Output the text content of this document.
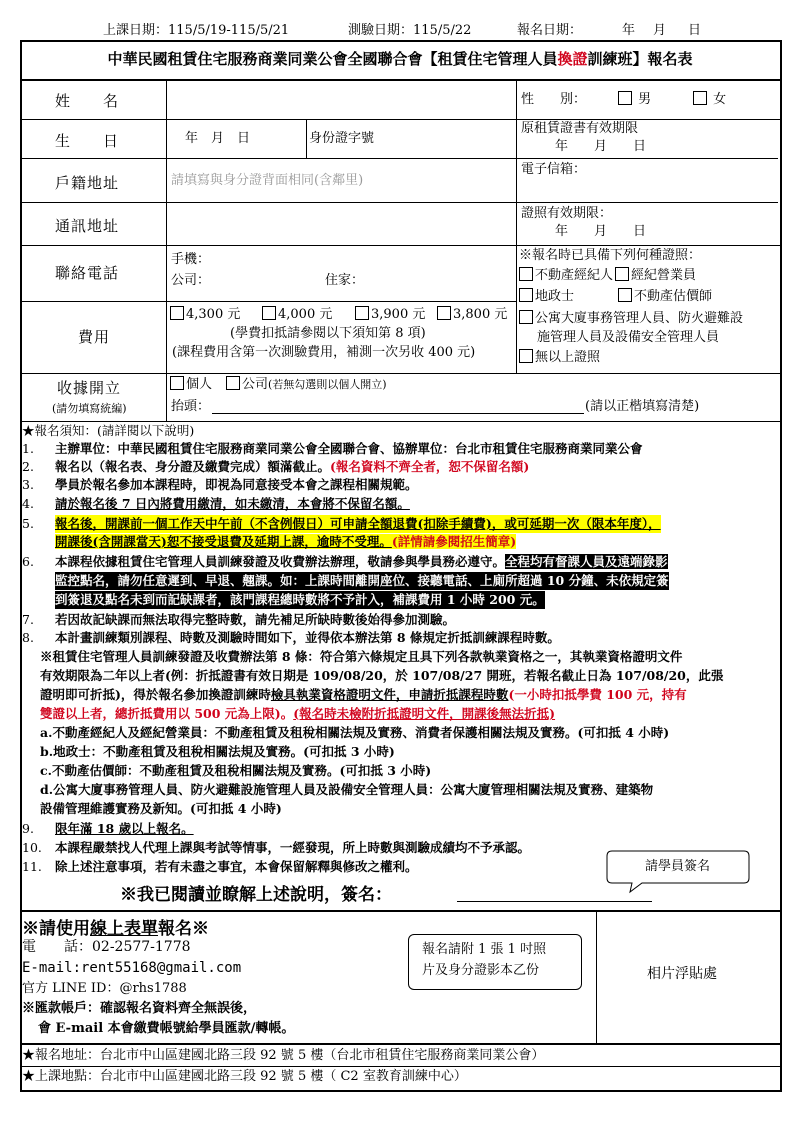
上課日期：115/5/19-115/5/21	測驗日期：115/5/22	報名日期：	年 月 日
中華民國租賃住宅服務商業同業公會全國聯合會【租賃住宅管理人員換證訓練班】報名表
姓　　名	性　　別：	男	女
生　　日	年　月　日	身份證字號
原租賃證書有效期限
年　　月　　日
戶籍地址	請填寫與身分證背面相同(含鄰里)
電子信箱：
通訊地址
證照有效期限：
年　　月　　日
聯絡電話
手機：
公司：	住家：
※報名時已具備下列何種證照：
不動產經紀人 經紀營業員
地政士	不動產估價師
公寓大廈事務管理人員、防火避難設
施管理人員及設備安全管理人員
無以上證照
費用
4,300 元	4,000 元	3,900 元	3,800 元
(學費扣抵請參閱以下須知第 8 項)
(課程費用含第一次測驗費用，補測一次另收 400 元)
收據開立
(請勿填寫統編)
個人	公司(若無勾選則以個人開立)
抬頭：	(請以正楷填寫清楚)
★報名須知：(請詳閱以下說明)
1. 主辦單位：中華民國租賃住宅服務商業同業公會全國聯合會、協辦單位：台北市租賃住宅服務商業同業公會
2. 報名以（報名表、身分證及繳費完成）額滿截止。(報名資料不齊全者，恕不保留名額)
3. 學員於報名參加本課程時，即視為同意接受本會之課程相關規範。
4. 請於報名後 7 日內將費用繳清，如未繳清，本會將不保留名額。
5. 報名後，開課前一個工作天中午前（不含例假日）可申請全額退費(扣除手續費)，或可延期一次（限本年度），
開課後(含開課當天)恕不接受退費及延期上課，逾時不受理。(詳情請參閱招生簡章)
6. 本課程依據租賃住宅管理人員訓練發證及收費辦法辦理，敬請參與學員務必遵守。全程均有督課人員及遠端錄影
監控點名，請勿任意遲到、早退、翹課。如：上課時間離開座位、接聽電話、上廁所超過 10 分鐘、未依規定簽
到簽退及點名未到而記缺課者，該門課程總時數將不予計入，補課費用 1 小時 200 元。
7. 若因故記缺課而無法取得完整時數，請先補足所缺時數後始得參加測驗。
8. 本計畫訓練類別課程、時數及測驗時間如下，並得依本辦法第 8 條規定折抵訓練課程時數。
※租賃住宅管理人員訓練發證及收費辦法第 8 條：符合第六條規定且具下列各款執業資格之一，其執業資格證明文件
有效期限為二年以上者(例：折抵證書有效日期是 109/08/20，於 107/08/27 開班，若報名截止日為 107/08/20，此張
證明即可折抵)，得於報名參加換證訓練時檢具執業資格證明文件，申請折抵課程時數(一小時扣抵學費 100 元，持有
雙證以上者，總折抵費用以 500 元為上限)。(報名時未檢附折抵證明文件，開課後無法折抵)
a.不動產經紀人及經紀營業員：不動產租賃及租稅相關法規及實務、消費者保護相關法規及實務。(可扣抵 4 小時)
b.地政士：不動產租賃及租稅相關法規及實務。(可扣抵 3 小時)
c.不動產估價師：不動產租賃及租稅相關法規及實務。(可扣抵 3 小時)
d.公寓大廈事務管理人員、防火避難設施管理人員及設備安全管理人員：公寓大廈管理相關法規及實務、建築物
設備管理維護實務及新知。(可扣抵 4 小時)
9. 限年滿 18 歲以上報名。
10. 本課程嚴禁找人代理上課與考試等情事，一經發現，所上時數與測驗成績均不予承認。
11. 除上述注意事項，若有未盡之事宜，本會保留解釋與修改之權利。	請學員簽名
※我已閱讀並瞭解上述說明，簽名：
※請使用線上表單報名※
電　　話：02-2577-1778
E-mail:rent55168@gmail.com
官方 LINE ID：@rhs1788
※匯款帳戶：確認報名資料齊全無誤後，
會 E-mail 本會繳費帳號給學員匯款/轉帳。
報名請附 1 張 1 吋照
片及身分證影本乙份	相片浮貼處
★報名地址：台北市中山區建國北路三段 92 號 5 樓（台北市租賃住宅服務商業同業公會）
★上課地點：台北市中山區建國北路三段 92 號 5 樓（ C2 室教育訓練中心）
